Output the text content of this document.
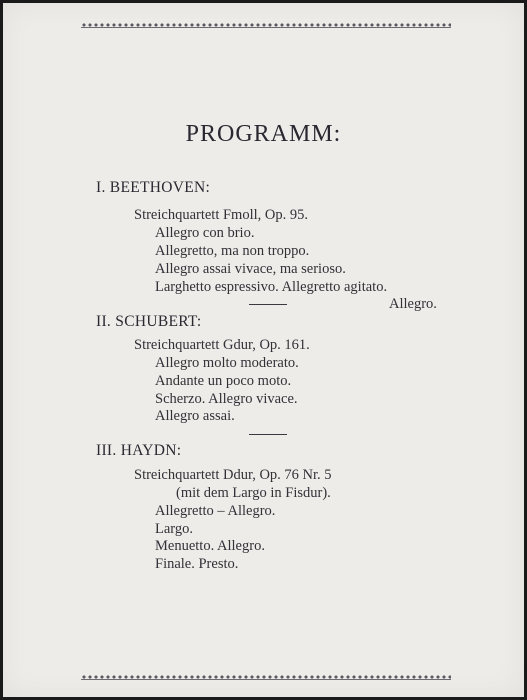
PROGRAMM:
I. BEETHOVEN:
Streichquartett Fmoll, Op. 95.
Allegro con brio.
Allegretto, ma non troppo.
Allegro assai vivace, ma serioso.
Larghetto espressivo. Allegretto agitato.
Allegro.
II. SCHUBERT:
Streichquartett Gdur, Op. 161.
Allegro molto moderato.
Andante un poco moto.
Scherzo. Allegro vivace.
Allegro assai.
III. HAYDN:
Streichquartett Ddur, Op. 76 Nr. 5
(mit dem Largo in Fisdur).
Allegretto – Allegro.
Largo.
Menuetto. Allegro.
Finale. Presto.
